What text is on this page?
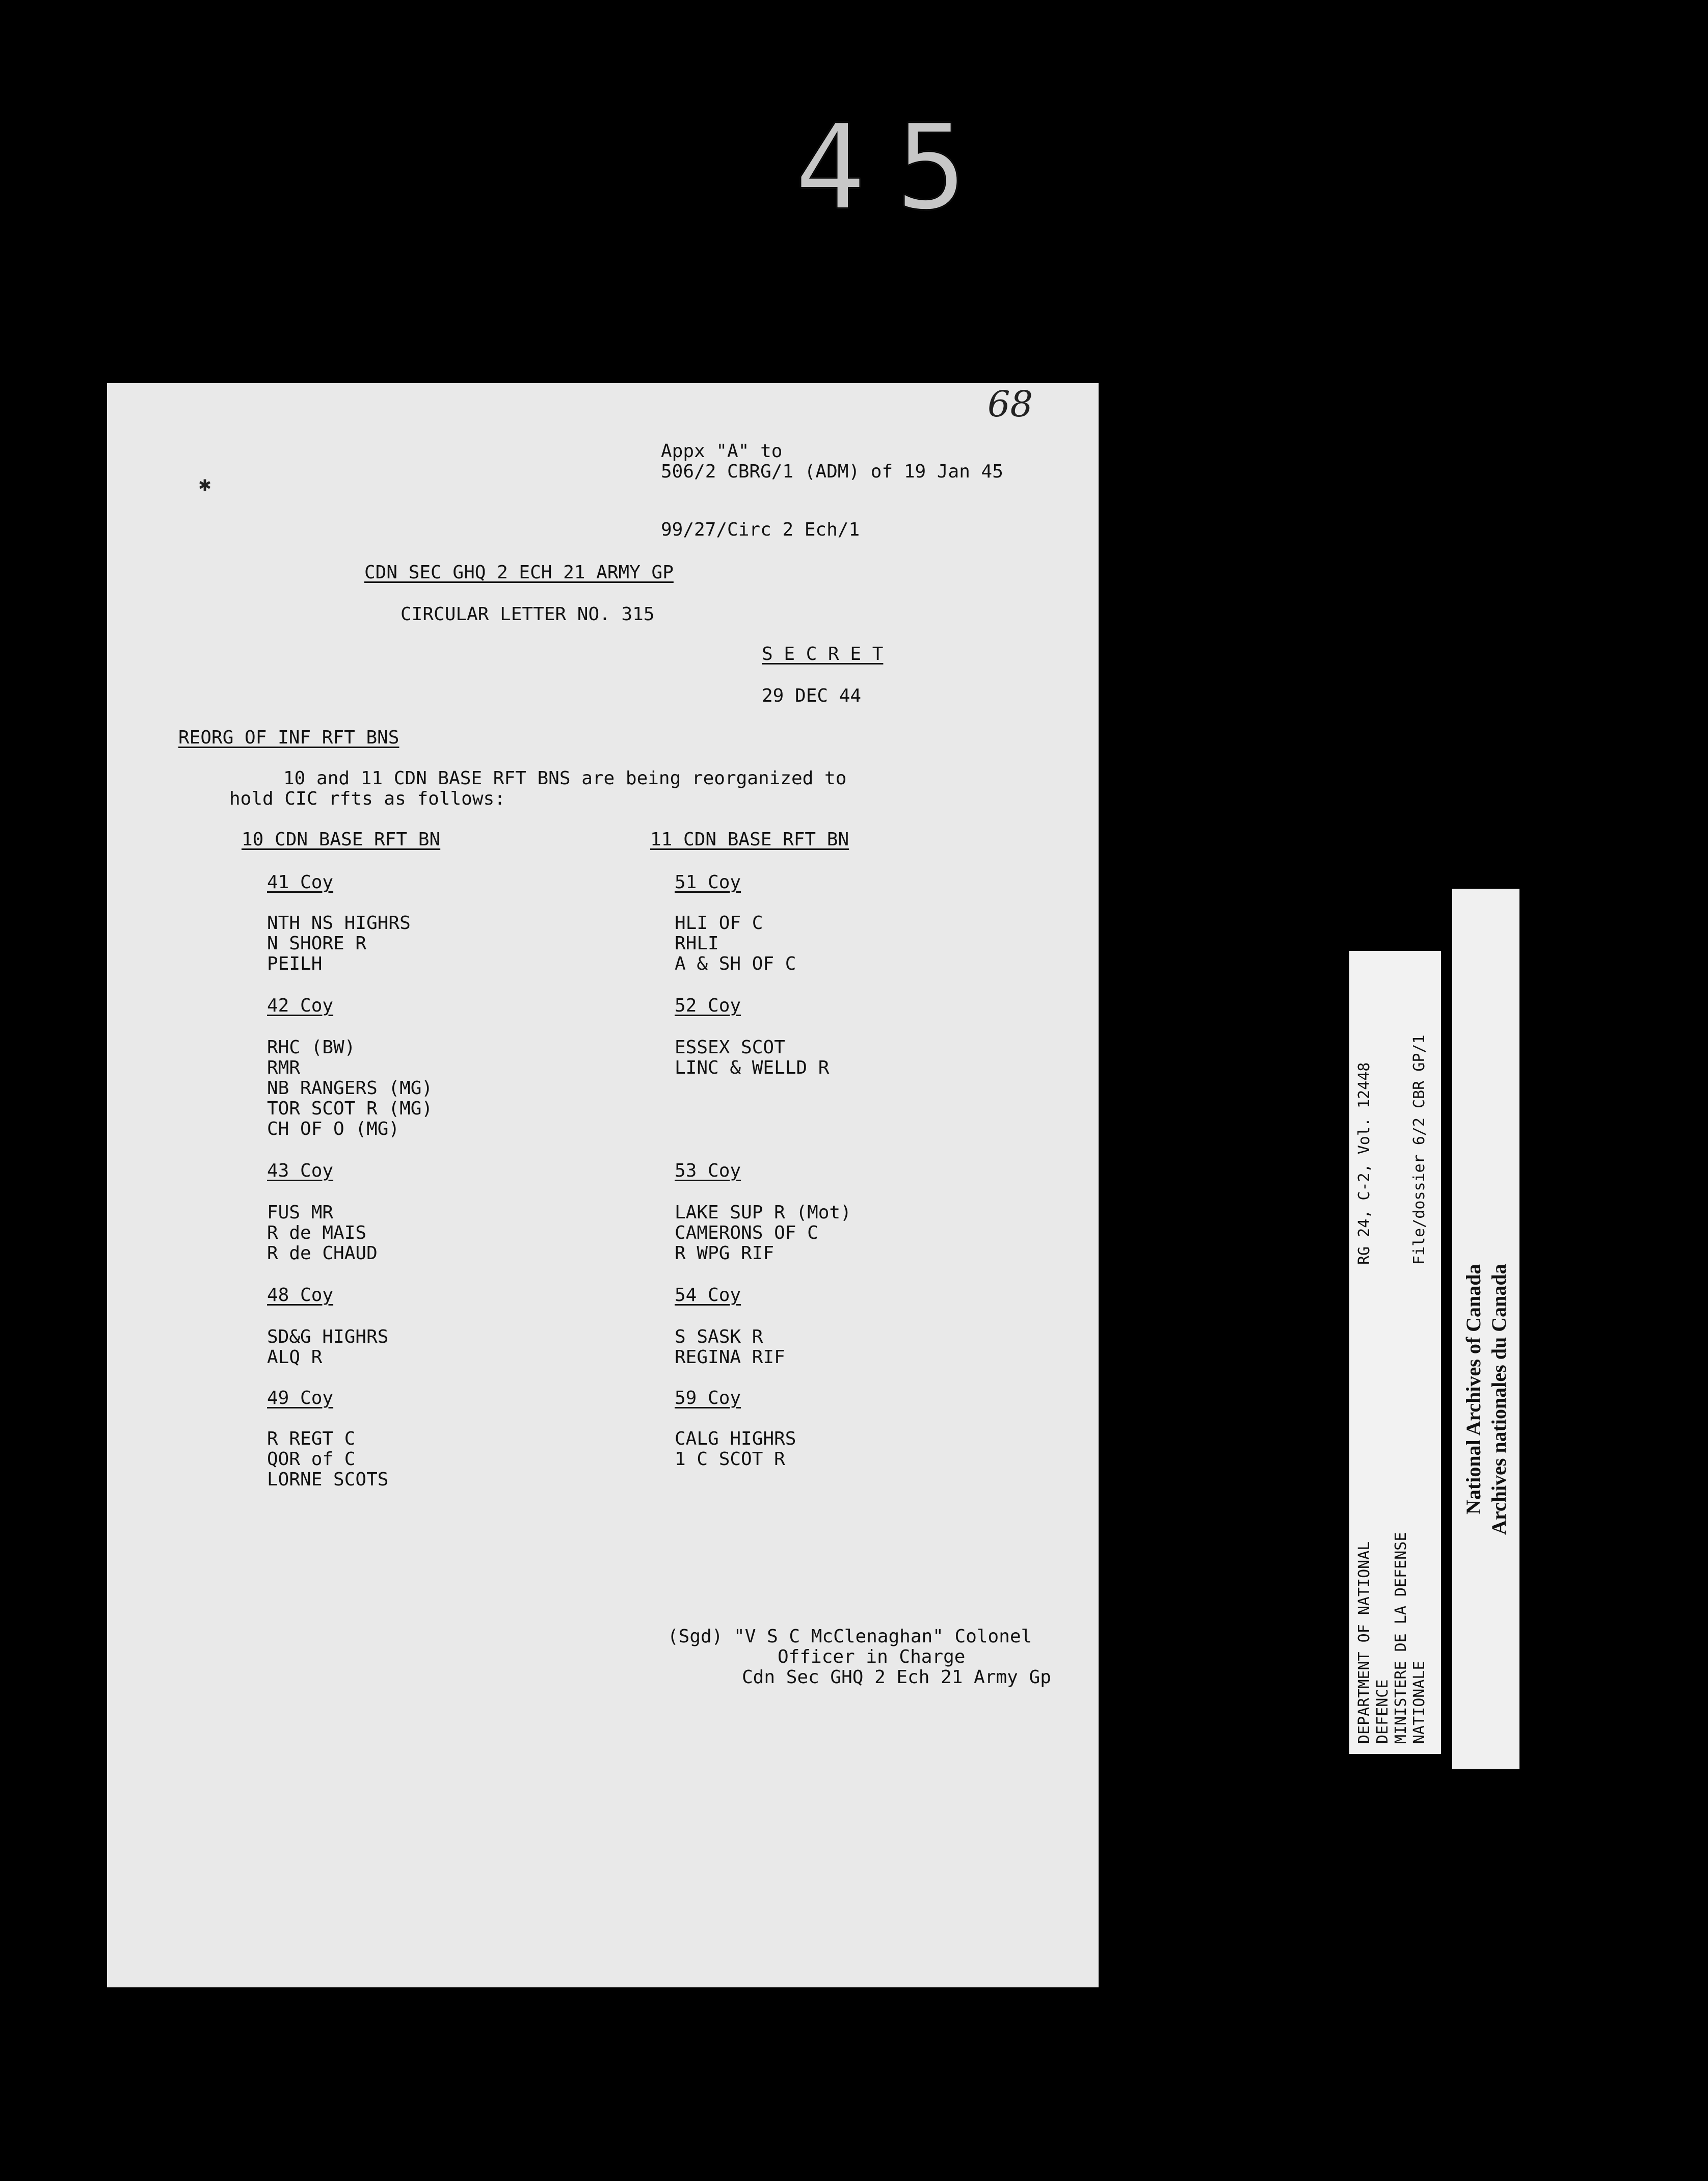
45
68
✱
Appx "A" to
506/2 CBRG/1 (ADM) of 19 Jan 45
99/27/Circ 2 Ech/1
CDN SEC GHQ 2 ECH 21 ARMY GP
CIRCULAR LETTER NO. 315
S E C R E T
29 DEC 44
REORG OF INF RFT BNS
10 and 11 CDN BASE RFT BNS are being reorganized to
hold CIC rfts as follows:
10 CDN BASE RFT BN
41 Coy
NTH NS HIGHRS
N SHORE R
PEILH
42 Coy
RHC (BW)
RMR
NB RANGERS (MG)
TOR SCOT R (MG)
CH OF O (MG)
43 Coy
FUS MR
R de MAIS
R de CHAUD
48 Coy
SD&G HIGHRS
ALQ R
49 Coy
R REGT C
QOR of C
LORNE SCOTS
11 CDN BASE RFT BN
51 Coy
HLI OF C
RHLI
A & SH OF C
52 Coy
ESSEX SCOT
LINC & WELLD R
53 Coy
LAKE SUP R (Mot)
CAMERONS OF C
R WPG RIF
54 Coy
S SASK R
REGINA RIF
59 Coy
CALG HIGHRS
1 C SCOT R
(Sgd) "V S C McClenaghan" Colonel
Officer in Charge
Cdn Sec GHQ 2 Ech 21 Army Gp	DEPARTMENT OF NATIONAL DEFENCE MINISTERE DE LA DEFENSE NATIONALE
RG 24, C-2, Vol. 12448 File/dossier 6/2 CBR GP/1
National Archives of Canada Archives nationales du Canada
